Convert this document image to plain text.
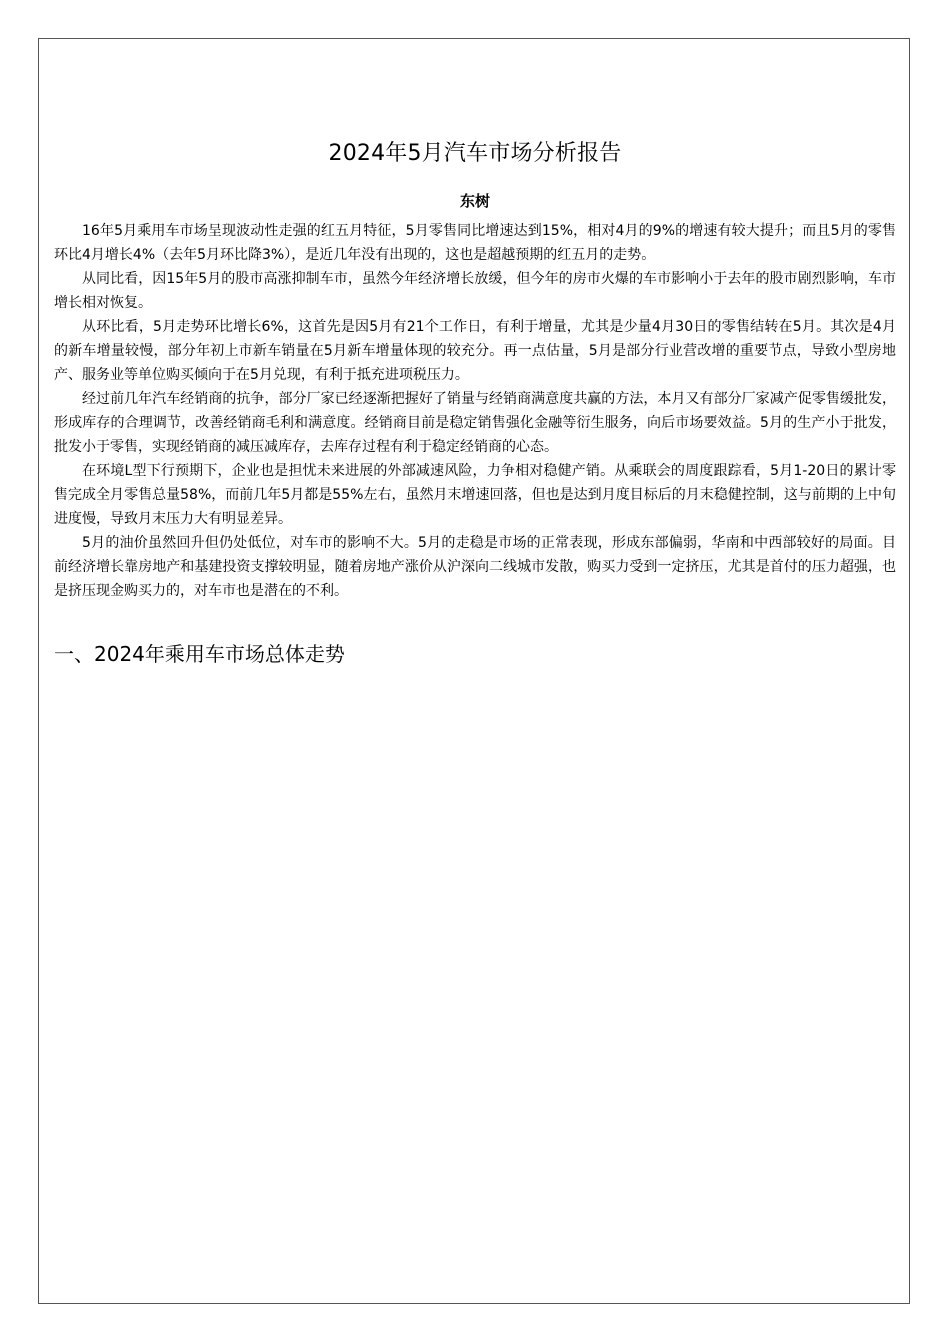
2024年5月汽车市场分析报告
东树

16年5月乘用车市场呈现波动性走强的红五月特征，5月零售同比增速达到15%，相对4月的9%的增速有较大提升；而且5月的零售环比4月增长4%（去年5月环比降3%），是近几年没有出现的，这也是超越预期的红五月的走势。

从同比看，因15年5月的股市高涨抑制车市，虽然今年经济增长放缓，但今年的房市火爆的车市影响小于去年的股市剧烈影响，车市增长相对恢复。

从环比看，5月走势环比增长6%，这首先是因5月有21个工作日，有利于增量，尤其是少量4月30日的零售结转在5月。其次是4月的新车增量较慢，部分年初上市新车销量在5月新车增量体现的较充分。再一点估量，5月是部分行业营改增的重要节点，导致小型房地产、服务业等单位购买倾向于在5月兑现，有利于抵充进项税压力。

经过前几年汽车经销商的抗争，部分厂家已经逐渐把握好了销量与经销商满意度共赢的方法，本月又有部分厂家减产促零售缓批发，形成库存的合理调节，改善经销商毛利和满意度。经销商目前是稳定销售强化金融等衍生服务，向后市场要效益。5月的生产小于批发，批发小于零售，实现经销商的减压减库存，去库存过程有利于稳定经销商的心态。

在环境L型下行预期下，企业也是担忧未来进展的外部减速风险，力争相对稳健产销。从乘联会的周度跟踪看，5月1-20日的累计零售完成全月零售总量58%，而前几年5月都是55%左右，虽然月末增速回落，但也是达到月度目标后的月末稳健控制，这与前期的上中旬进度慢，导致月末压力大有明显差异。

5月的油价虽然回升但仍处低位，对车市的影响不大。5月的走稳是市场的正常表现，形成东部偏弱，华南和中西部较好的局面。目前经济增长靠房地产和基建投资支撑较明显，随着房地产涨价从沪深向二线城市发散，购买力受到一定挤压，尤其是首付的压力超强，也是挤压现金购买力的，对车市也是潜在的不利。

一、2024年乘用车市场总体走势
